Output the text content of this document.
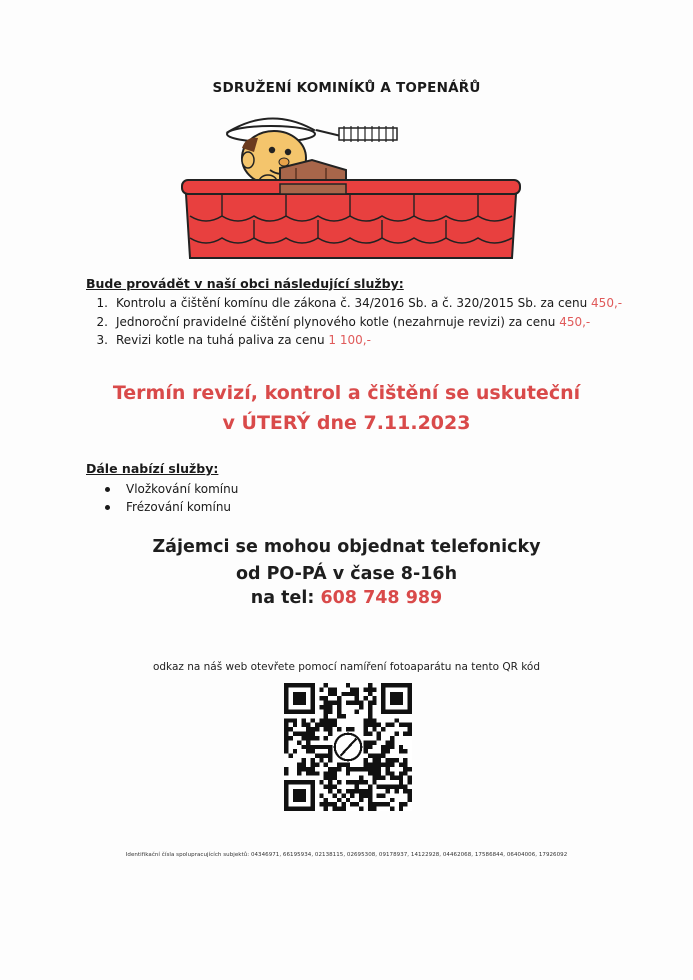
SDRUŽENÍ KOMINÍKŮ A TOPENÁŘŮ
Bude provádět v naší obci následující služby:
1. Kontrolu a čištění komínu dle zákona č. 34/2016 Sb. a č. 320/2015 Sb. za cenu 450,-
2. Jednoroční pravidelné čištění plynového kotle (nezahrnuje revizi) za cenu 450,-
3. Revizi kotle na tuhá paliva za cenu 1 100,-
Termín revizí, kontrol a čištění se uskuteční
v ÚTERÝ dne 7.11.2023
Dále nabízí služby:
Vložkování komínu
Frézování komínu
Zájemci se mohou objednat telefonicky
od PO-PÁ v čase 8-16h
na tel: 608 748 989
odkaz na náš web otevřete pomocí namíření fotoaparátu na tento QR kód
Identifikační čísla spolupracujících subjektů: 04346971, 66195934, 02138115, 02695308, 09178937, 14122928, 04462068, 17586844, 06404006, 17926092
